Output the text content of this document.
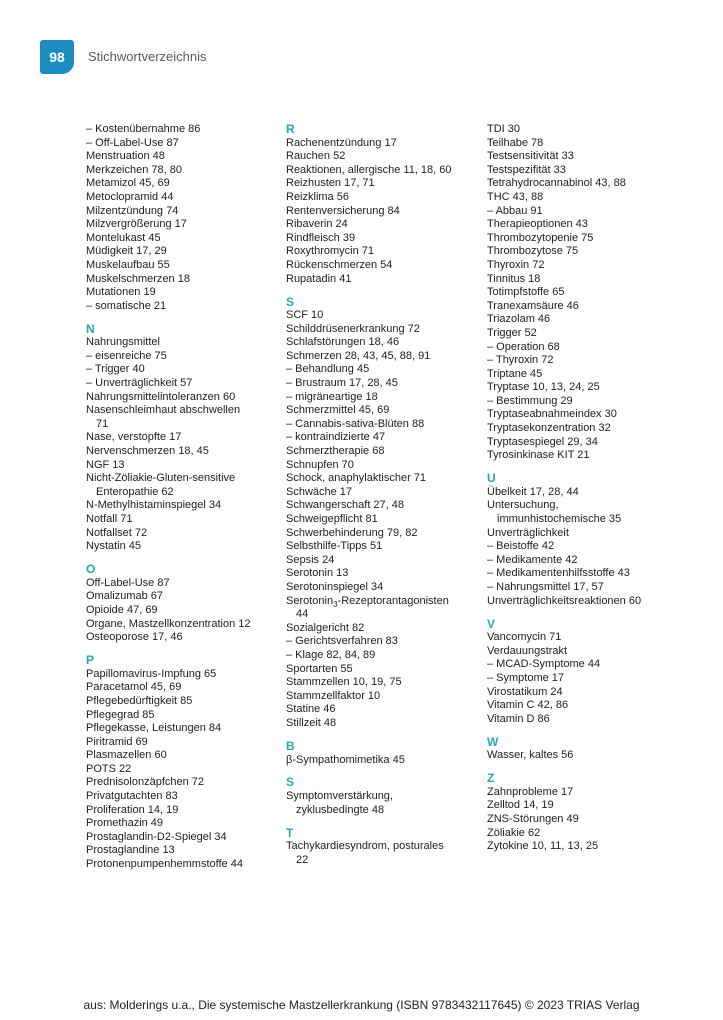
98	Stichwortverzeichnis
– Kostenübernahme 86
– Off-Label-Use 87
Menstruation 48
Merkzeichen 78, 80
Metamizol 45, 69
Metoclopramid 44
Milzentzündung 74
Milzvergrößerung 17
Montelukast 45
Müdigkeit 17, 29
Muskelaufbau 55
Muskelschmerzen 18
Mutationen 19
– somatische 21
N
Nahrungsmittel
– eisenreiche 75
– Trigger 40
– Unverträglichkeit 57
Nahrungsmittelintoleranzen 60
Nasenschleimhaut abschwellen
71
Nase, verstopfte 17
Nervenschmerzen 18, 45
NGF 13
Nicht-Zöliakie-Gluten-sensitive
Enteropathie 62
N-Methylhistaminspiegel 34
Notfall 71
Notfallset 72
Nystatin 45
O
Off-Label-Use 87
Omalizumab 67
Opioide 47, 69
Organe, Mastzellkonzentration 12
Osteoporose 17, 46
P
Papillomavirus-Impfung 65
Paracetamol 45, 69
Pflegebedürftigkeit 85
Pflegegrad 85
Pflegekasse, Leistungen 84
Piritramid 69
Plasmazellen 60
POTS 22
Prednisolonzäpfchen 72
Privatgutachten 83
Proliferation 14, 19
Promethazin 49
Prostaglandin-D2-Spiegel 34
Prostaglandine 13
Protonenpumpenhemmstoffe 44
R
Rachenentzündung 17
Rauchen 52
Reaktionen, allergische 11, 18, 60
Reizhusten 17, 71
Reizklima 56
Rentenversicherung 84
Ribaverin 24
Rindfleisch 39
Roxythromycin 71
Rückenschmerzen 54
Rupatadin 41
S
SCF 10
Schilddrüsenerkrankung 72
Schlafstörungen 18, 46
Schmerzen 28, 43, 45, 88, 91
– Behandlung 45
– Brustraum 17, 28, 45
– migräneartige 18
Schmerzmittel 45, 69
– Cannabis-sativa-Blüten 88
– kontraindizierte 47
Schmerztherapie 68
Schnupfen 70
Schock, anaphylaktischer 71
Schwäche 17
Schwangerschaft 27, 48
Schweigepflicht 81
Schwerbehinderung 79, 82
Selbsthilfe-Tipps 51
Sepsis 24
Serotonin 13
Serotoninspiegel 34
Serotonin$_3$-Rezeptorantagonisten
44
Sozialgericht 82
– Gerichtsverfahren 83
– Klage 82, 84, 89
Sportarten 55
Stammzellen 10, 19, 75
Stammzellfaktor 10
Statine 46
Stillzeit 48
B
β-Sympathomimetika 45
S
Symptomverstärkung,
zyklusbedingte 48
T
Tachykardiesyndrom, posturales
22
TDI 30
Teilhabe 78
Testsensitivität 33
Testspezifität 33
Tetrahydrocannabinol 43, 88
THC 43, 88
– Abbau 91
Therapieoptionen 43
Thrombozytopenie 75
Thrombozytose 75
Thyroxin 72
Tinnitus 18
Totimpfstoffe 65
Tranexamsäure 46
Triazolam 46
Trigger 52
– Operation 68
– Thyroxin 72
Triptane 45
Tryptase 10, 13, 24, 25
– Bestimmung 29
Tryptaseabnahmeindex 30
Tryptasekonzentration 32
Tryptasespiegel 29, 34
Tyrosinkinase KIT 21
U
Übelkeit 17, 28, 44
Untersuchung,
immunhistochemische 35
Unverträglichkeit
– Beistoffe 42
– Medikamente 42
– Medikamentenhilfsstoffe 43
– Nahrungsmittel 17, 57
Unverträglichkeitsreaktionen 60
V
Vancomycin 71
Verdauungstrakt
– MCAD-Symptome 44
– Symptome 17
Virostatikum 24
Vitamin C 42, 86
Vitamin D 86
W
Wasser, kaltes 56
Z
Zahnprobleme 17
Zelltod 14, 19
ZNS-Störungen 49
Zöliakie 62
Zytokine 10, 11, 13, 25
aus: Molderings u.a., Die systemische Mastzellerkrankung (ISBN 9783432117645) © 2023 TRIAS Verlag
